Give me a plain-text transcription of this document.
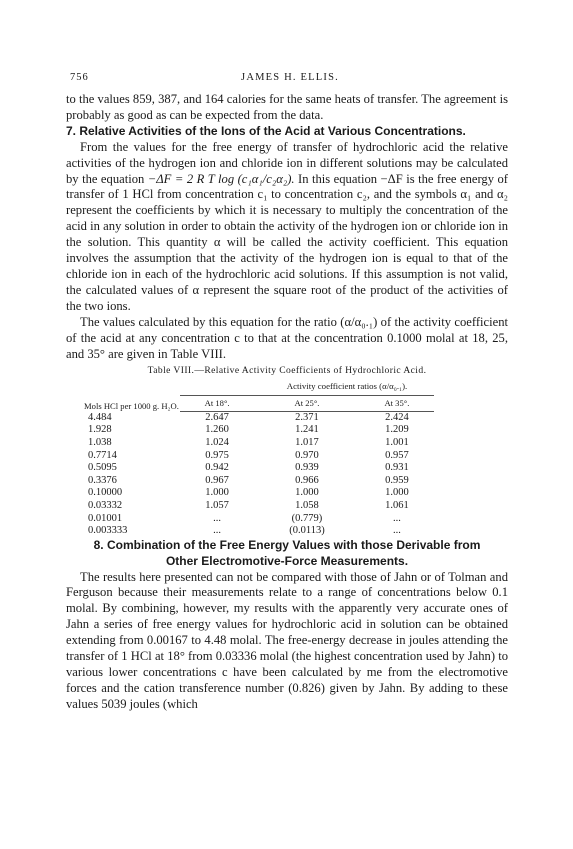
756	JAMES H. ELLIS.

to the values 859, 387, and 164 calories for the same heats of transfer. The agreement is probably as good as can be expected from the data.

7. Relative Activities of the Ions of the Acid at Various Concentrations.

From the values for the free energy of transfer of hydrochloric acid the relative activities of the hydrogen ion and chloride ion in different solutions may be calculated by the equation −ΔF = 2 R T log (c₁α₁/c₂α₂). In this equation −ΔF is the free energy of transfer of 1 HCl from concentration c₁ to concentration c₂, and the symbols α₁ and α₂ represent the coefficients by which it is necessary to multiply the concentration of the acid in any solution in order to obtain the activity of the hydrogen ion or chloride ion in the solution. This quantity α will be called the activity coefficient. This equation involves the assumption that the activity of the hydrogen ion is equal to that of the chloride ion in each of the hydrochloric acid solutions. If this assumption is not valid, the calculated values of α represent the square root of the product of the activities of the two ions.

The values calculated by this equation for the ratio (α/α₀.₁) of the activity coefficient of the acid at any concentration c to that at the concentration 0.1000 molal at 18, 25, and 35° are given in Table VIII.

Table VIII.—Relative Activity Coefficients of Hydrochloric Acid.
Activity coefficient ratios (α/α₀.₁).
Mols HCl per 1000 g. H₂O.	At 18°.	At 25°.	At 35°.
4.484	2.647	2.371	2.424
1.928	1.260	1.241	1.209
1.038	1.024	1.017	1.001
0.7714	0.975	0.970	0.957
0.5095	0.942	0.939	0.931
0.3376	0.967	0.966	0.959
0.10000	1.000	1.000	1.000
0.03332	1.057	1.058	1.061
0.01001	...	(0.779)	...
0.003333	...	(0.0113)	...

8. Combination of the Free Energy Values with those Derivable from
Other Electromotive-Force Measurements.

The results here presented can not be compared with those of Jahn or of Tolman and Ferguson because their measurements relate to a range of concentrations below 0.1 molal. By combining, however, my results with the apparently very accurate ones of Jahn a series of free energy values for hydrochloric acid in solution can be obtained extending from 0.00167 to 4.48 molal. The free-energy decrease in joules attending the transfer of 1 HCl at 18° from 0.03336 molal (the highest concentration used by Jahn) to various lower concentrations c have been calculated by me from the electromotive forces and the cation transference number (0.826) given by Jahn. By adding to these values 5039 joules (which
